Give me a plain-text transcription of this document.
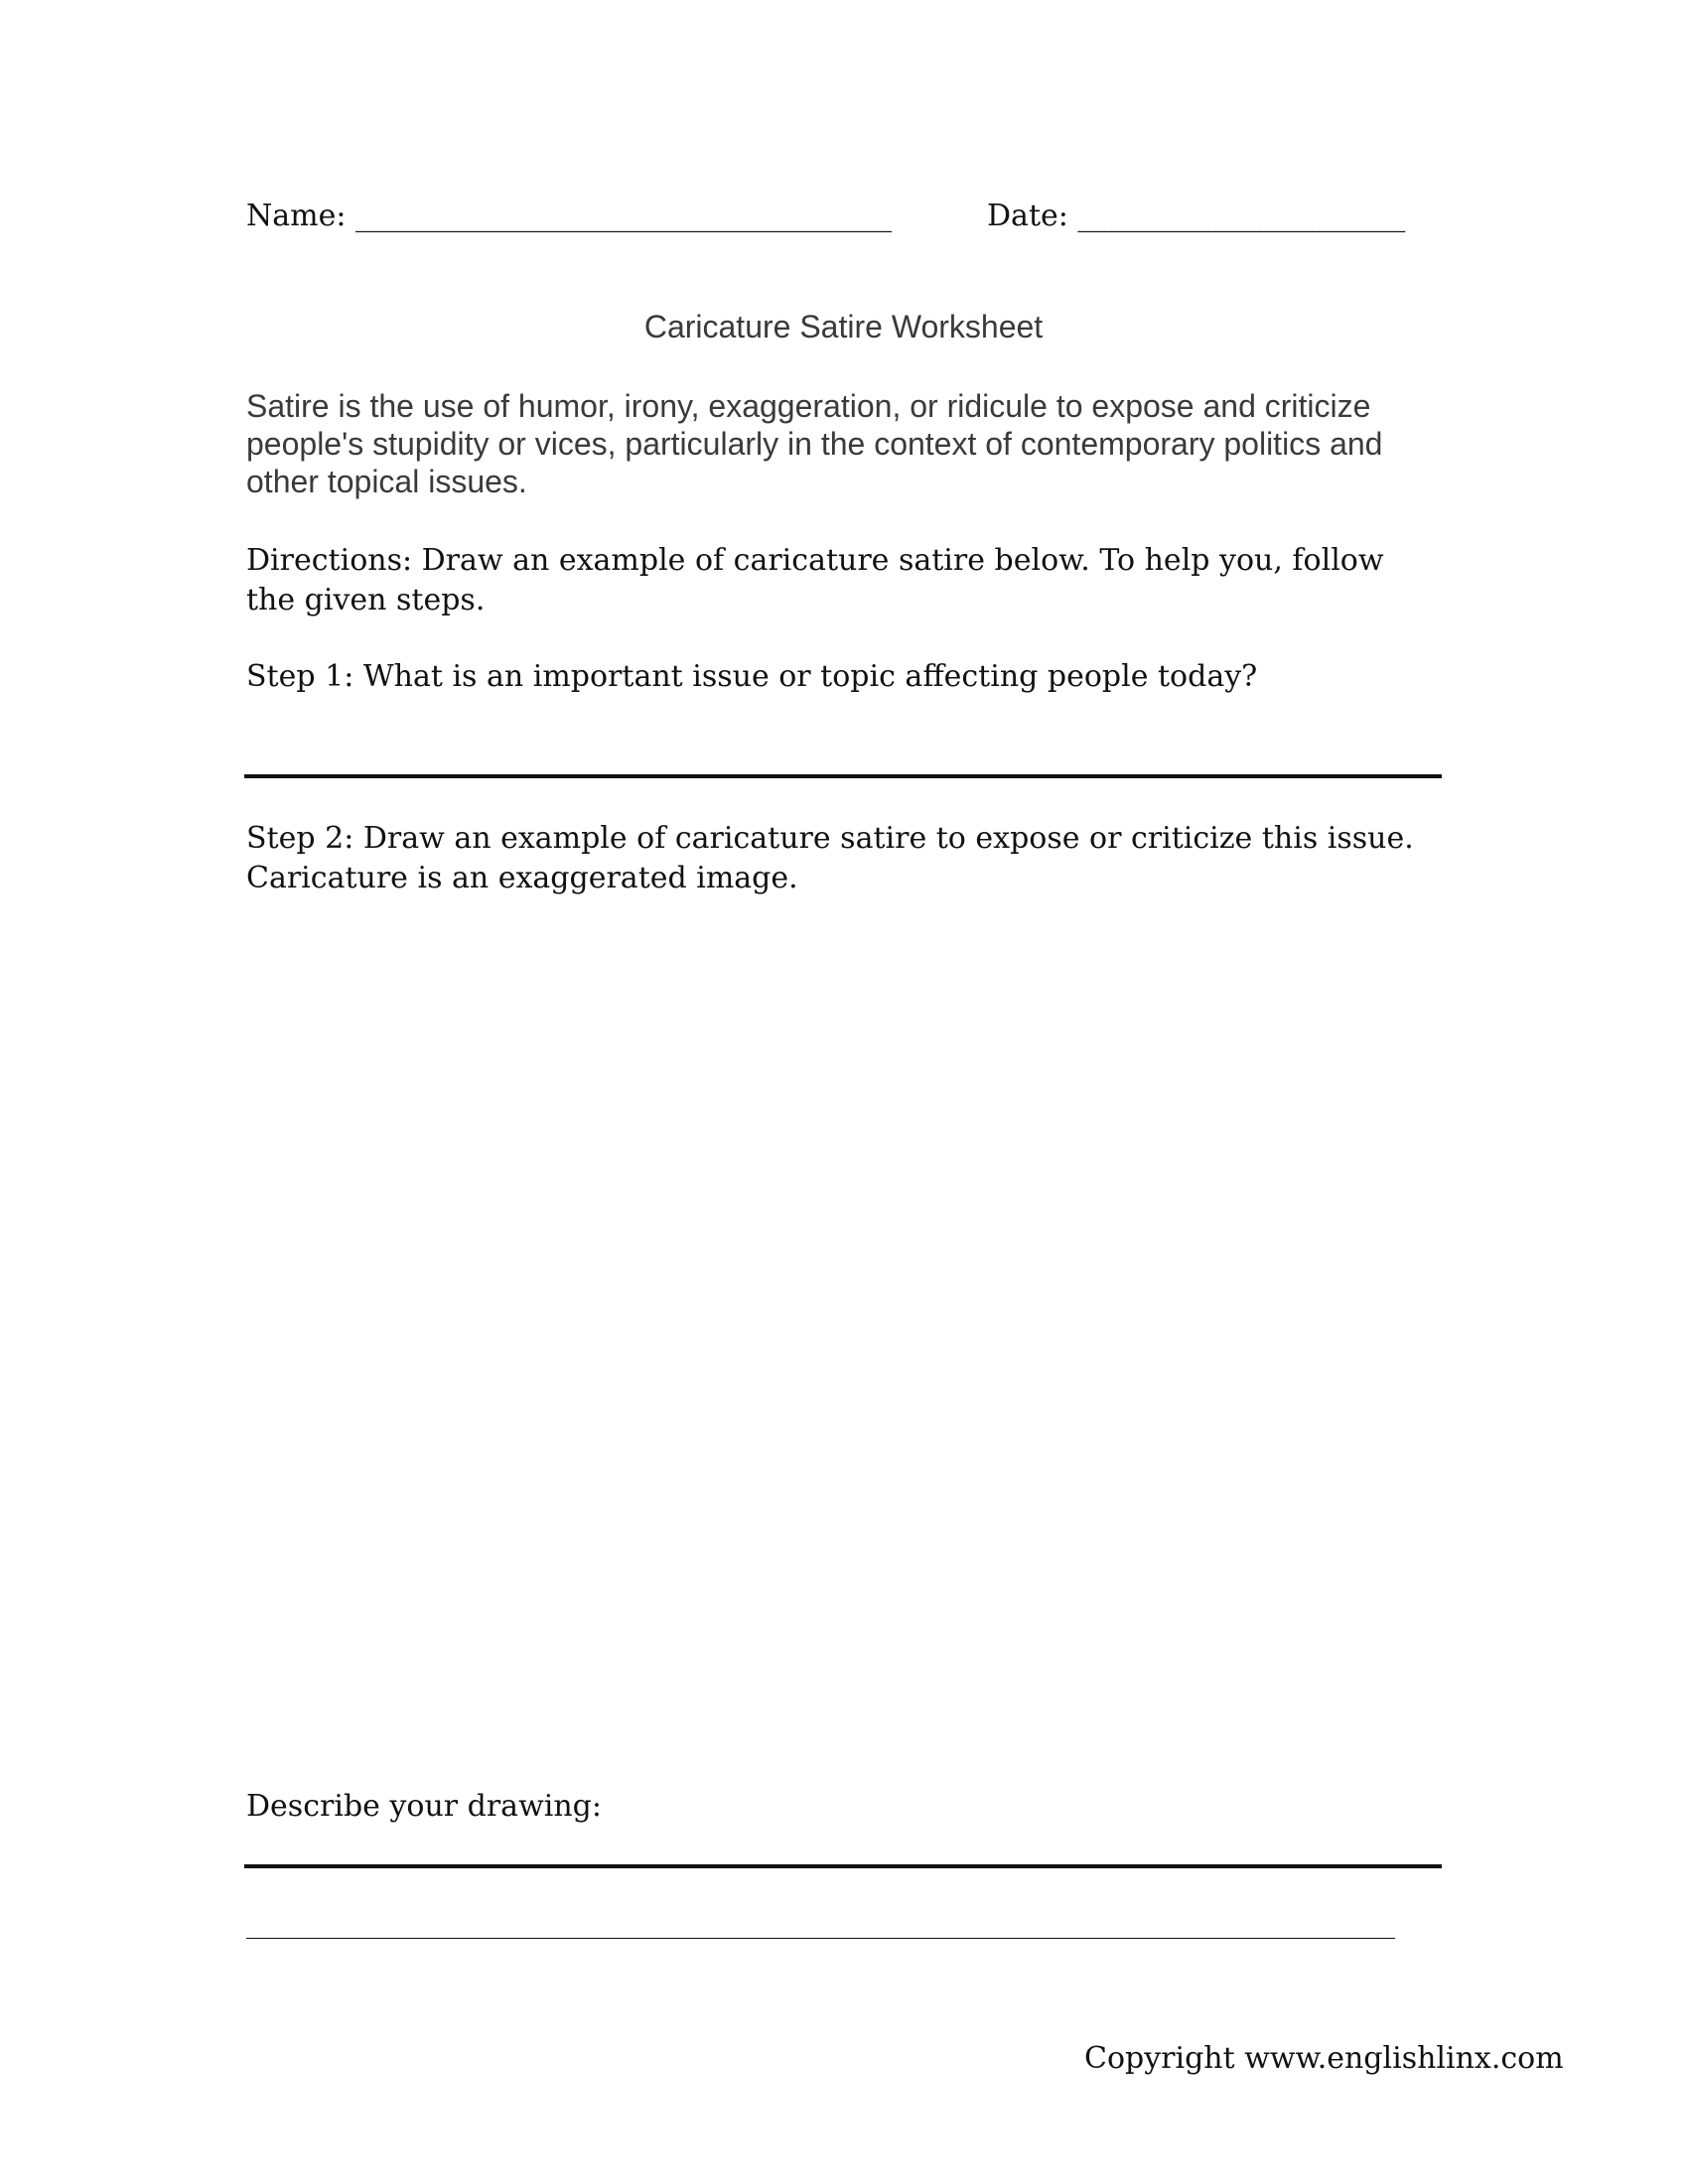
Name: ____________________________________	Date: ______________________
Caricature Satire Worksheet
Satire is the use of humor, irony, exaggeration, or ridicule to expose and criticize people's stupidity or vices, particularly in the context of contemporary politics and other topical issues.
Directions: Draw an example of caricature satire below. To help you, follow the given steps.
Step 1: What is an important issue or topic affecting people today?
Step 2: Draw an example of caricature satire to expose or criticize this issue. Caricature is an exaggerated image.
Describe your drawing:
_________________________________________________________________________________________
Copyright www.englishlinx.com
